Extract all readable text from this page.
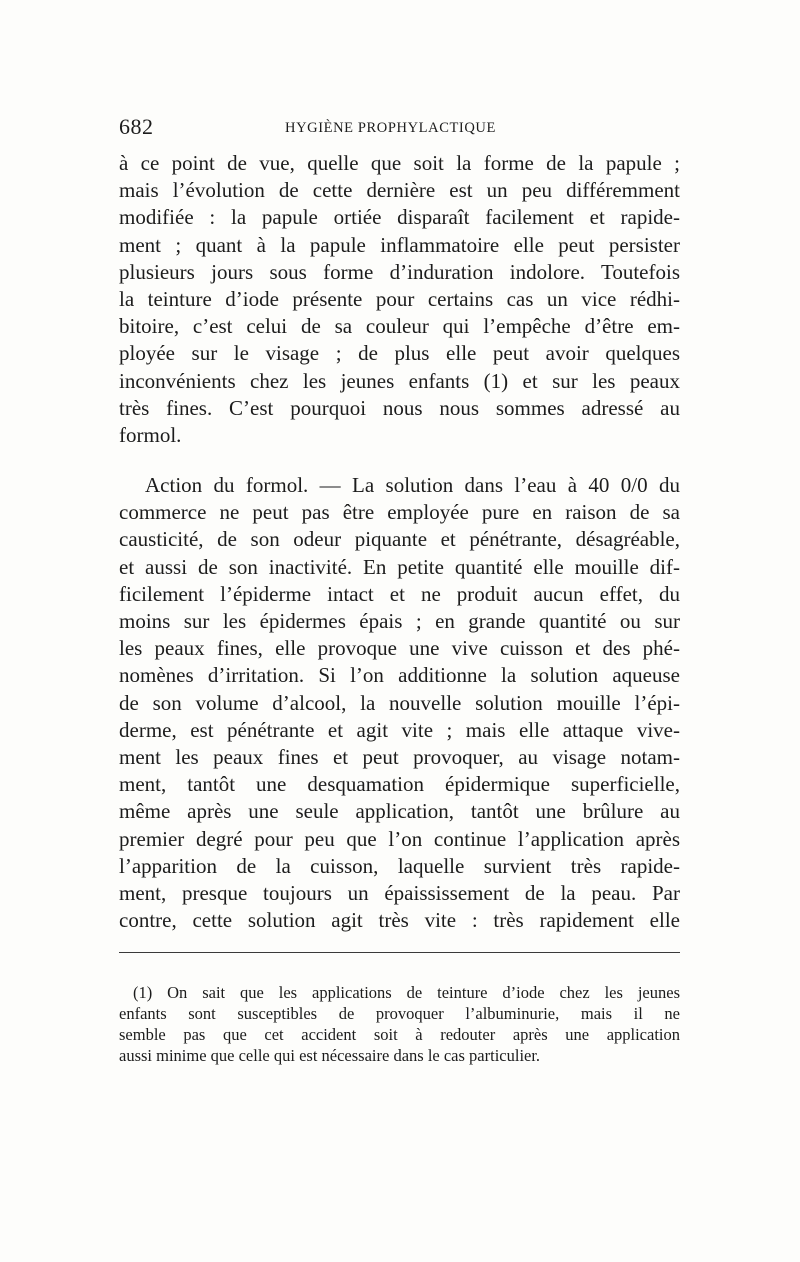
682	HYGIÈNE PROPHYLACTIQUE
à ce point de vue, quelle que soit la forme de la papule ;
mais l’évolution de cette dernière est un peu différemment
modifiée : la papule ortiée disparaît facilement et rapide-
ment ; quant à la papule inflammatoire elle peut persister
plusieurs jours sous forme d’induration indolore. Toutefois
la teinture d’iode présente pour certains cas un vice rédhi-
bitoire, c’est celui de sa couleur qui l’empêche d’être em-
ployée sur le visage ; de plus elle peut avoir quelques
inconvénients chez les jeunes enfants (1) et sur les peaux
très fines. C’est pourquoi nous nous sommes adressé au
formol.
Action du formol. — La solution dans l’eau à 40 0/0 du
commerce ne peut pas être employée pure en raison de sa
causticité, de son odeur piquante et pénétrante, désagréable,
et aussi de son inactivité. En petite quantité elle mouille dif-
ficilement l’épiderme intact et ne produit aucun effet, du
moins sur les épidermes épais ; en grande quantité ou sur
les peaux fines, elle provoque une vive cuisson et des phé-
nomènes d’irritation. Si l’on additionne la solution aqueuse
de son volume d’alcool, la nouvelle solution mouille l’épi-
derme, est pénétrante et agit vite ; mais elle attaque vive-
ment les peaux fines et peut provoquer, au visage notam-
ment, tantôt une desquamation épidermique superficielle,
même après une seule application, tantôt une brûlure au
premier degré pour peu que l’on continue l’application après
l’apparition de la cuisson, laquelle survient très rapide-
ment, presque toujours un épaississement de la peau. Par
contre, cette solution agit très vite : très rapidement elle
(1) On sait que les applications de teinture d’iode chez les jeunes
enfants sont susceptibles de provoquer l’albuminurie, mais il ne
semble pas que cet accident soit à redouter après une application
aussi minime que celle qui est nécessaire dans le cas particulier.
